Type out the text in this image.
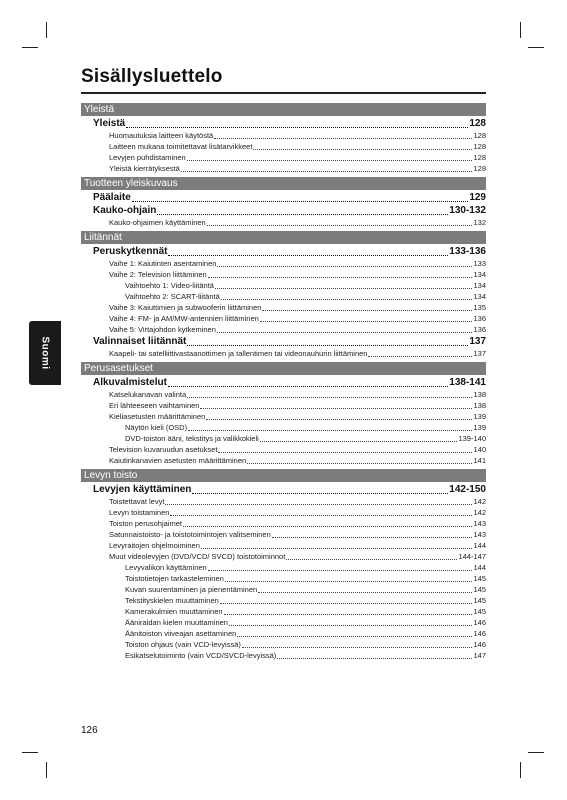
Sisällysluettelo
Suomi
Yleistä
Yleistä	128
Huomautuksia laitteen käytöstä	128
Laitteen mukana toimitettavat lisätarvikkeet	128
Levyjen puhdistaminen	128
Yleistä kierrätyksestä	128
Tuotteen yleiskuvaus
Päälaite	129
Kauko-ohjain	130-132
Kauko-ohjaimen käyttäminen	132
Liitännät
Peruskytkennät	133-136
Vaihe 1: Kaiutinten asentaminen	133
Vaihe 2: Television liittäminen	134
Vaihtoehto 1: Video-liitäntä	134
Vaihtoehto 2: SCART-liitäntä	134
Vaihe 3: Kaiuttimien ja subwooferin liittäminen	135
Vaihe 4: FM- ja AM/MW-antennien liittäminen	136
Vaihe 5: Virtajohdon kytkeminen	136
Valinnaiset liitännät	137
Kaapeli- tai satelliittivastaanottimen ja tallentimen tai videonauhurin liittäminen	137
Perusasetukset
Alkuvalmistelut	138-141
Katselukanavan valinta	138
Eri lähteeseen vaihtaminen	138
Kieliasetusten määrittäminen	139
Näytön kieli (OSD)	139
DVD-toiston ääni, tekstitys ja valikkokieli	139-140
Television kuvaruudun asetukset	140
Kaiutinkanavien asetusten määrittäminen	141
Levyn toisto
Levyjen käyttäminen	142-150
Toistettavat levyt	142
Levyn toistaminen	142
Toiston perusohjaimet	143
Satunnaistoisto- ja toistotoimintojen valitseminen	143
Levyraitojen ohjelmoiminen	144
Muut videolevyjen (DVD/VCD/ SVCD) toistotoiminnot	144-147
Levyvalikon käyttäminen	144
Toistotietojen tarkasteleminen	145
Kuvan suurentaminen ja pienentäminen	145
Tekstityskielen muuttaminen	145
Kamerakulmien muuttaminen	145
Ääniraidan kielen muuttaminen	146
Äänitoiston viiveajan asettaminen	146
Toiston ohjaus (vain VCD-levyissä)	146
Esikatselutoiminto (vain VCD/SVCD-levyissä)	147
126
